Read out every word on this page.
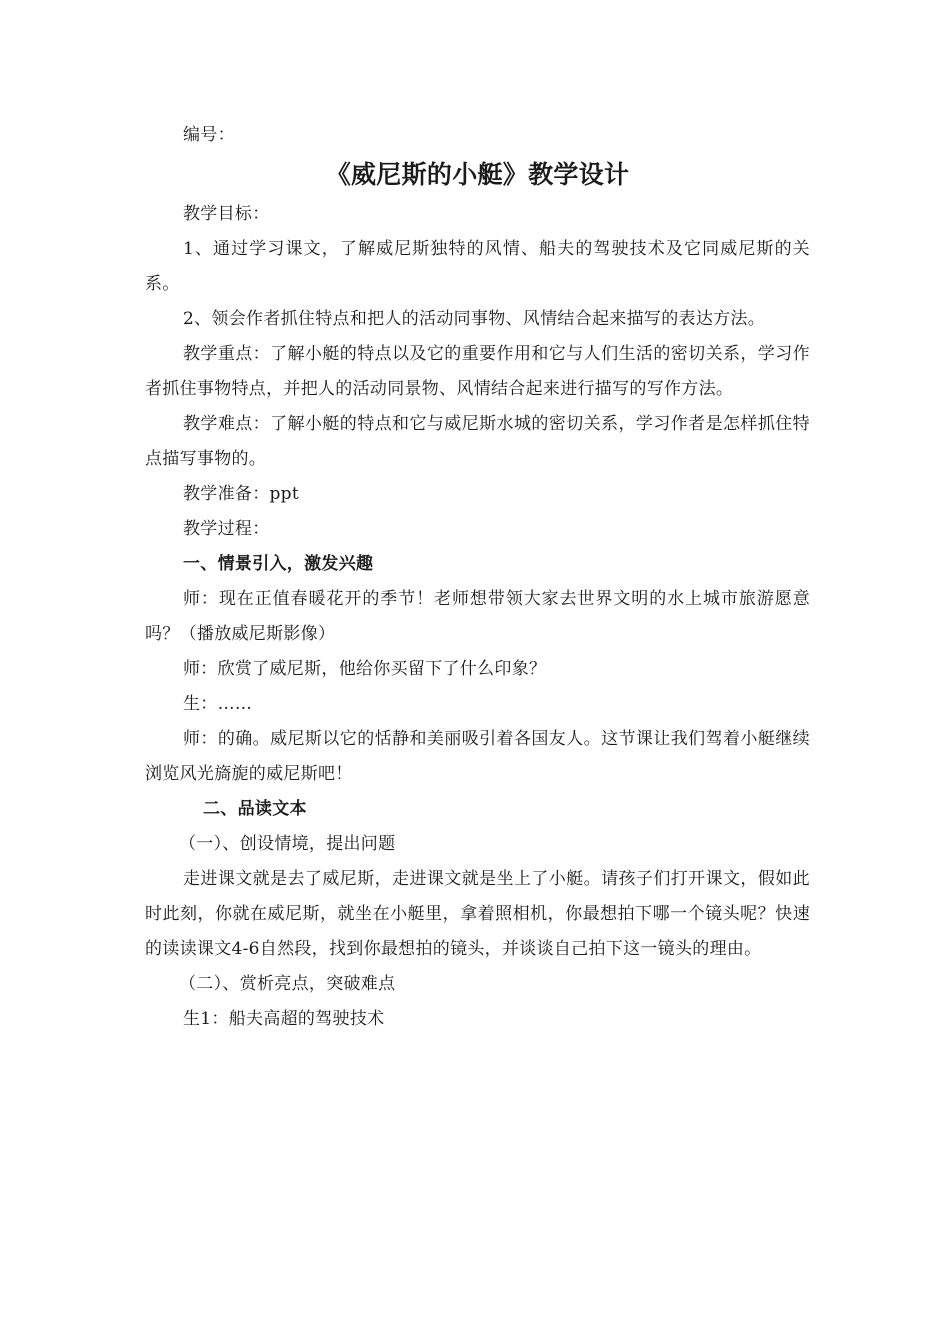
编号：

《威尼斯的小艇》教学设计

教学目标：

1、通过学习课文，了解威尼斯独特的风情、船夫的驾驶技术及它同威尼斯的关系。

2、领会作者抓住特点和把人的活动同事物、风情结合起来描写的表达方法。

教学重点：了解小艇的特点以及它的重要作用和它与人们生活的密切关系，学习作者抓住事物特点，并把人的活动同景物、风情结合起来进行描写的写作方法。

教学难点：了解小艇的特点和它与威尼斯水城的密切关系，学习作者是怎样抓住特点描写事物的。

教学准备：ppt

教学过程：

一、情景引入，激发兴趣

师：现在正值春暖花开的季节！老师想带领大家去世界文明的水上城市旅游愿意吗？（播放威尼斯影像）

师：欣赏了威尼斯，他给你买留下了什么印象？

生：……

师：的确。威尼斯以它的恬静和美丽吸引着各国友人。这节课让我们驾着小艇继续浏览风光旖旎的威尼斯吧！

二、品读文本

（一）、创设情境，提出问题

走进课文就是去了威尼斯，走进课文就是坐上了小艇。请孩子们打开课文，假如此时此刻，你就在威尼斯，就坐在小艇里，拿着照相机，你最想拍下哪一个镜头呢？快速的读读课文4-6自然段，找到你最想拍的镜头，并谈谈自己拍下这一镜头的理由。

（二）、赏析亮点，突破难点

生1：船夫高超的驾驶技术
